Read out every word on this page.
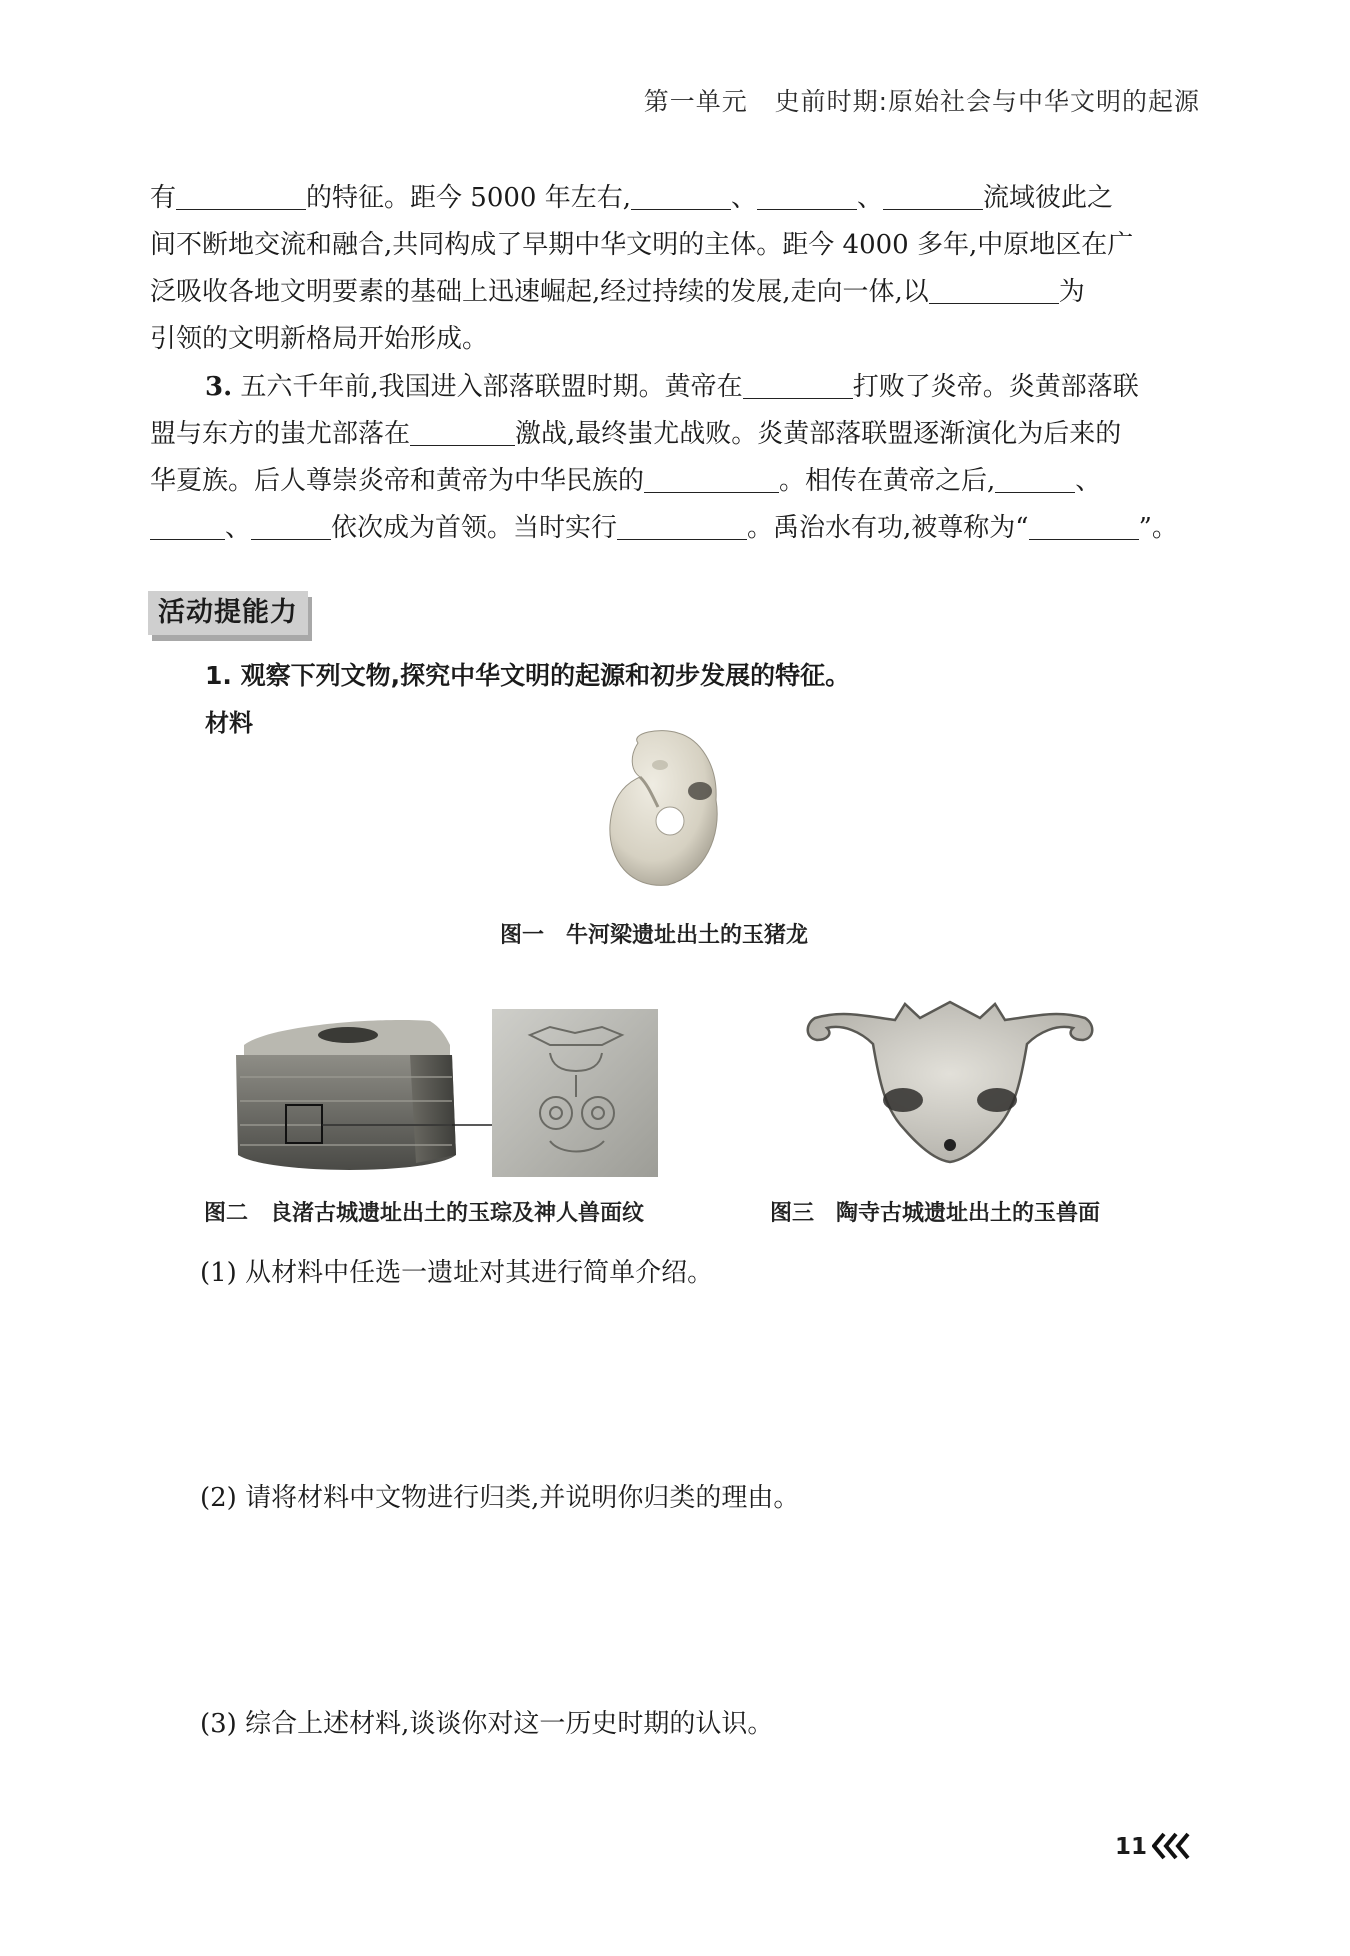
第一单元 史前时期:原始社会与中华文明的起源
有	的特征。距今 5000 年左右,	、	、	流域彼此之
间不断地交流和融合,共同构成了早期中华文明的主体。距今 4000 多年,中原地区在广
泛吸收各地文明要素的基础上迅速崛起,经过持续的发展,走向一体,以	为
引领的文明新格局开始形成。
3. 五六千年前,我国进入部落联盟时期。黄帝在	打败了炎帝。炎黄部落联
盟与东方的蚩尤部落在	激战,最终蚩尤战败。炎黄部落联盟逐渐演化为后来的
华夏族。后人尊崇炎帝和黄帝为中华民族的	。相传在黄帝之后,	、
、	依次成为首领。当时实行	。禹治水有功,被尊称为“	”。
活动提能力
1. 观察下列文物,探究中华文明的起源和初步发展的特征。
材料
图一　牛河梁遗址出土的玉猪龙
图二　良渚古城遗址出土的玉琮及神人兽面纹	图三　陶寺古城遗址出土的玉兽面
(1) 从材料中任选一遗址对其进行简单介绍。
(2) 请将材料中文物进行归类,并说明你归类的理由。
(3) 综合上述材料,谈谈你对这一历史时期的认识。
11
